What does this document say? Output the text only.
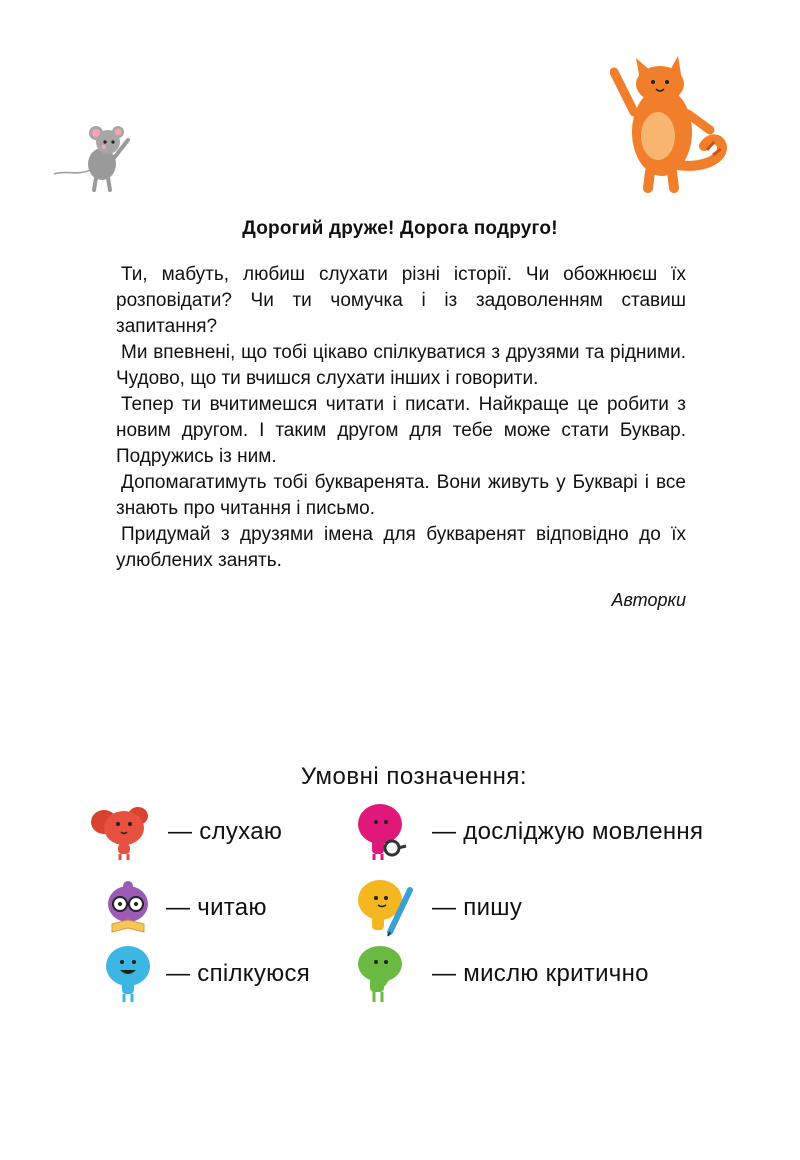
Дорогий друже! Дорога подруго!

Ти, мабуть, любиш слухати різні історії. Чи обожнюєш їх розповідати? Чи ти чомучка і із задоволенням ставиш запитання?

Ми впевнені, що тобі цікаво спілкуватися з друзями та рідними. Чудово, що ти вчишся слухати інших і говорити.

Тепер ти вчитимешся читати і писати. Найкраще це робити з новим другом. І таким другом для тебе може стати Буквар. Подружись із ним.

Допомагатимуть тобі букваренята. Вони живуть у Букварі і все знають про читання і письмо.

Придумай з друзями імена для букваренят відповідно до їх улюблених занять.

Авторки
Умовні позначення:
— слухаю	— досліджую мовлення
— читаю	— пишу
— спілкуюся	— мислю критично
